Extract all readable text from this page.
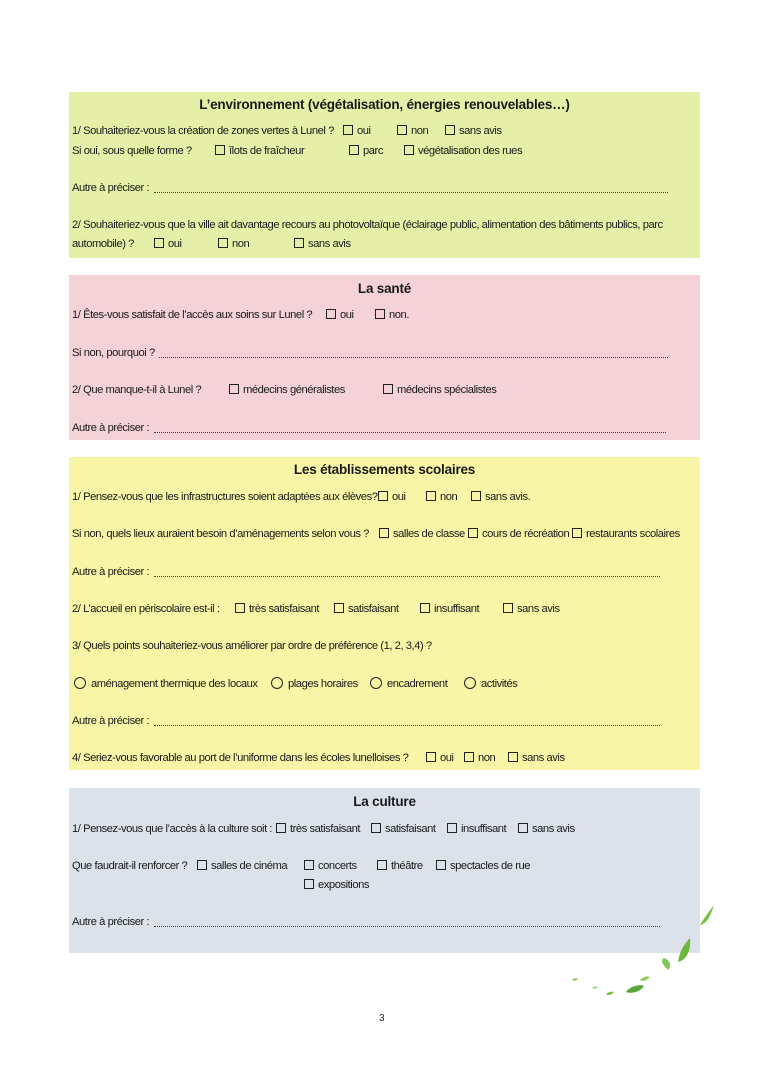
L’environnement (végétalisation, énergies renouvelables…)
1/ Souhaiteriez-vous la création de zones vertes à Lunel ?	oui	non	sans avis
Si oui, sous quelle forme ?	îlots de fraîcheur	parc	végétalisation des rues
Autre à préciser :
2/ Souhaiteriez-vous que la ville ait davantage recours au photovoltaïque (éclairage public, alimentation des bâtiments publics, parc
automobile) ?	oui	non	sans avis
La santé
1/ Êtes-vous satisfait de l’accès aux soins sur Lunel ?	oui	non.
Si non, pourquoi ?
2/ Que manque-t-il à Lunel ?	médecins généralistes	médecins spécialistes
Autre à préciser :
Les établissements scolaires
1/ Pensez-vous que les infrastructures soient adaptées aux élèves?	oui	non	sans avis.
Si non, quels lieux auraient besoin d’aménagements selon vous ?	salles de classe	cours de récréation	restaurants scolaires
Autre à préciser :
2/ L’accueil en périscolaire est-il :	très satisfaisant	satisfaisant	insuffisant	sans avis
3/ Quels points souhaiteriez-vous améliorer par ordre de préférence (1, 2, 3,4) ?
aménagement thermique des locaux	plages horaires	encadrement	activités
Autre à préciser :
4/ Seriez-vous favorable au port de l’uniforme dans les écoles lunelloises ?	oui	non	sans avis
La culture
1/ Pensez-vous que l’accès à la culture soit :	très satisfaisant	satisfaisant	insuffisant	sans avis
Que faudrait-il renforcer ?	salles de cinéma	concerts	théâtre	spectacles de rue
expositions
Autre à préciser :
3
